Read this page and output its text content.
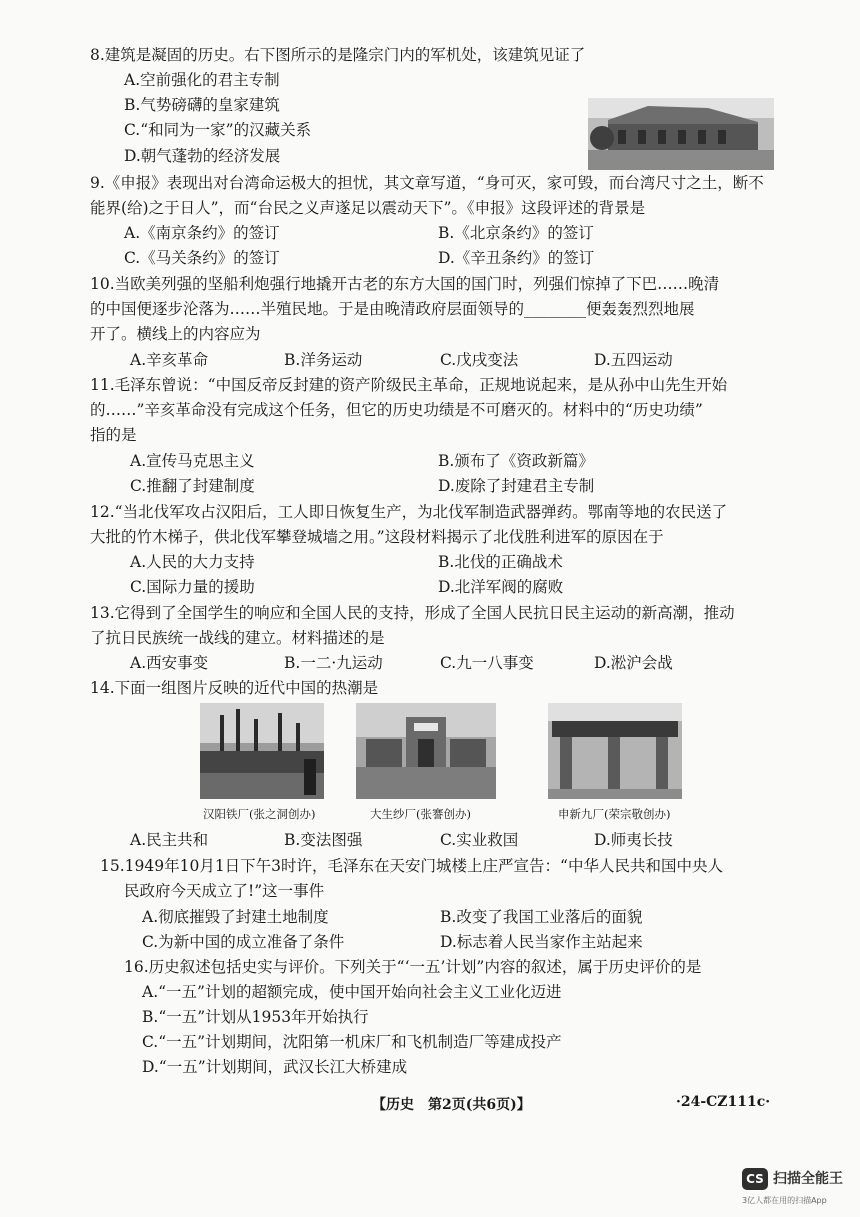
8.建筑是凝固的历史。右下图所示的是隆宗门内的军机处，该建筑见证了
A.空前强化的君主专制
B.气势磅礴的皇家建筑
C.“和同为一家”的汉藏关系
D.朝气蓬勃的经济发展
9.《申报》表现出对台湾命运极大的担忧，其文章写道，“身可灭，家可毁，而台湾尺寸之土，断不
能界(给)之于日人”，而“台民之义声遂足以震动天下”。《申报》这段评述的背景是
A.《南京条约》的签订	B.《北京条约》的签订
C.《马关条约》的签订	D.《辛丑条约》的签订
10.当欧美列强的坚船利炮强行地撬开古老的东方大国的国门时，列强们惊掉了下巴……晚清
的中国便逐步沦落为……半殖民地。于是由晚清政府层面领导的________便轰轰烈烈地展
开了。横线上的内容应为
A.辛亥革命	B.洋务运动	C.戊戌变法	D.五四运动
11.毛泽东曾说：“中国反帝反封建的资产阶级民主革命，正规地说起来，是从孙中山先生开始
的……”辛亥革命没有完成这个任务，但它的历史功绩是不可磨灭的。材料中的“历史功绩”
指的是
A.宣传马克思主义	B.颁布了《资政新篇》
C.推翻了封建制度	D.废除了封建君主专制
12.“当北伐军攻占汉阳后，工人即日恢复生产，为北伐军制造武器弹药。鄂南等地的农民送了
大批的竹木梯子，供北伐军攀登城墙之用。”这段材料揭示了北伐胜利进军的原因在于
A.人民的大力支持	B.北伐的正确战术
C.国际力量的援助	D.北洋军阀的腐败
13.它得到了全国学生的响应和全国人民的支持，形成了全国人民抗日民主运动的新高潮，推动
了抗日民族统一战线的建立。材料描述的是
A.西安事变	B.一二·九运动	C.九一八事变	D.淞沪会战
14.下面一组图片反映的近代中国的热潮是
汉阳铁厂(张之洞创办)	大生纱厂(张謇创办)	申新九厂(荣宗敬创办)
A.民主共和	B.变法图强	C.实业救国	D.师夷长技
15.1949年10月1日下午3时许，毛泽东在天安门城楼上庄严宣告：“中华人民共和国中央人
民政府今天成立了!”这一事件
A.彻底摧毁了封建土地制度	B.改变了我国工业落后的面貌
C.为新中国的成立准备了条件	D.标志着人民当家作主站起来
16.历史叙述包括史实与评价。下列关于“‘一五’计划”内容的叙述，属于历史评价的是
A.“一五”计划的超额完成，使中国开始向社会主义工业化迈进
B.“一五”计划从1953年开始执行
C.“一五”计划期间，沈阳第一机床厂和飞机制造厂等建成投产
D.“一五”计划期间，武汉长江大桥建成
【历史　第2页(共6页)】	·24-CZ111c·
CS 扫描全能王
3亿人都在用的扫描App
